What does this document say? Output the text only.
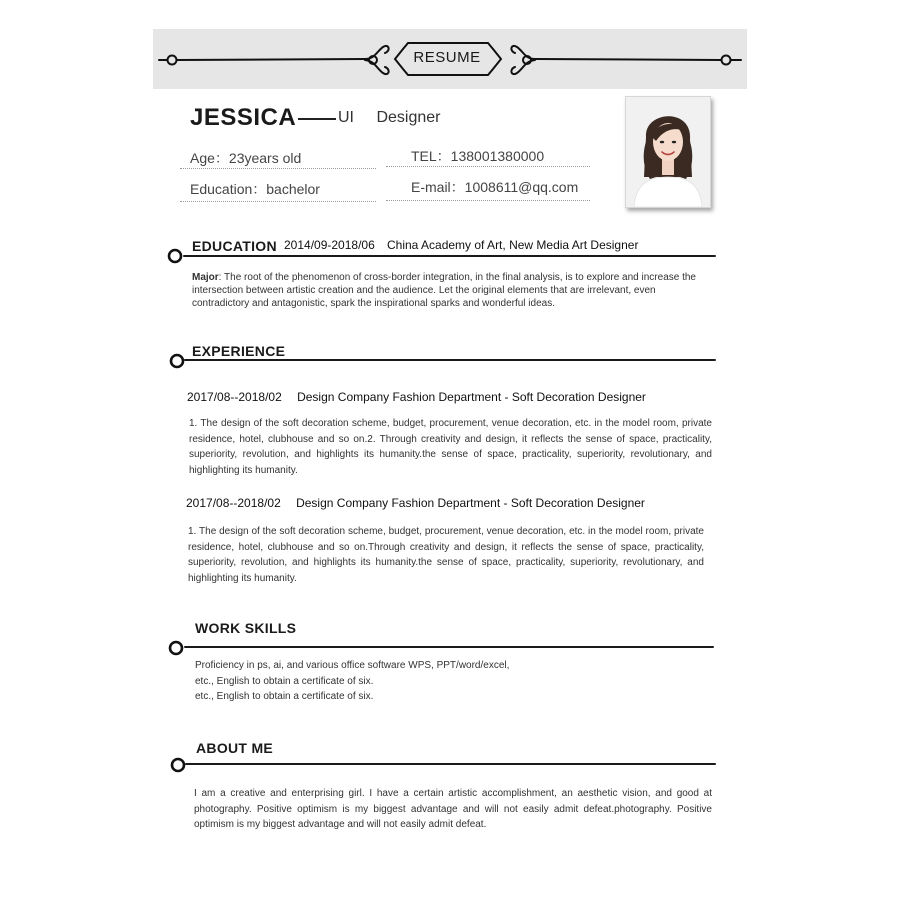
RESUME
JESSICA	UI Designer
Age：23years old
Education：bachelor
TEL：138001380000
E-mail：1008611@qq.com
EDUCATION 2014/09-2018/06 China Academy of Art, New Media Art Designer
Major: The root of the phenomenon of cross-border integration, in the final analysis, is to explore and increase the intersection between artistic creation and the audience. Let the original elements that are irrelevant, even contradictory and antagonistic, spark the inspirational sparks and wonderful ideas.
EXPERIENCE
2017/08--2018/02 Design Company Fashion Department - Soft Decoration Designer
1. The design of the soft decoration scheme, budget, procurement, venue decoration, etc. in the model room, private residence, hotel, clubhouse and so on.2. Through creativity and design, it reflects the sense of space, practicality, superiority, revolution, and highlights its humanity.the sense of space, practicality, superiority, revolutionary, and highlighting its humanity.
2017/08--2018/02 Design Company Fashion Department - Soft Decoration Designer
1. The design of the soft decoration scheme, budget, procurement, venue decoration, etc. in the model room, private residence, hotel, clubhouse and so on.Through creativity and design, it reflects the sense of space, practicality, superiority, revolution, and highlights its humanity.the sense of space, practicality, superiority, revolutionary, and highlighting its humanity.
WORK SKILLS
Proficiency in ps, ai, and various office software WPS, PPT/word/excel,
etc., English to obtain a certificate of six.
etc., English to obtain a certificate of six.
ABOUT ME
I am a creative and enterprising girl. I have a certain artistic accomplishment, an aesthetic vision, and good at photography. Positive optimism is my biggest advantage and will not easily admit defeat.photography. Positive optimism is my biggest advantage and will not easily admit defeat.
